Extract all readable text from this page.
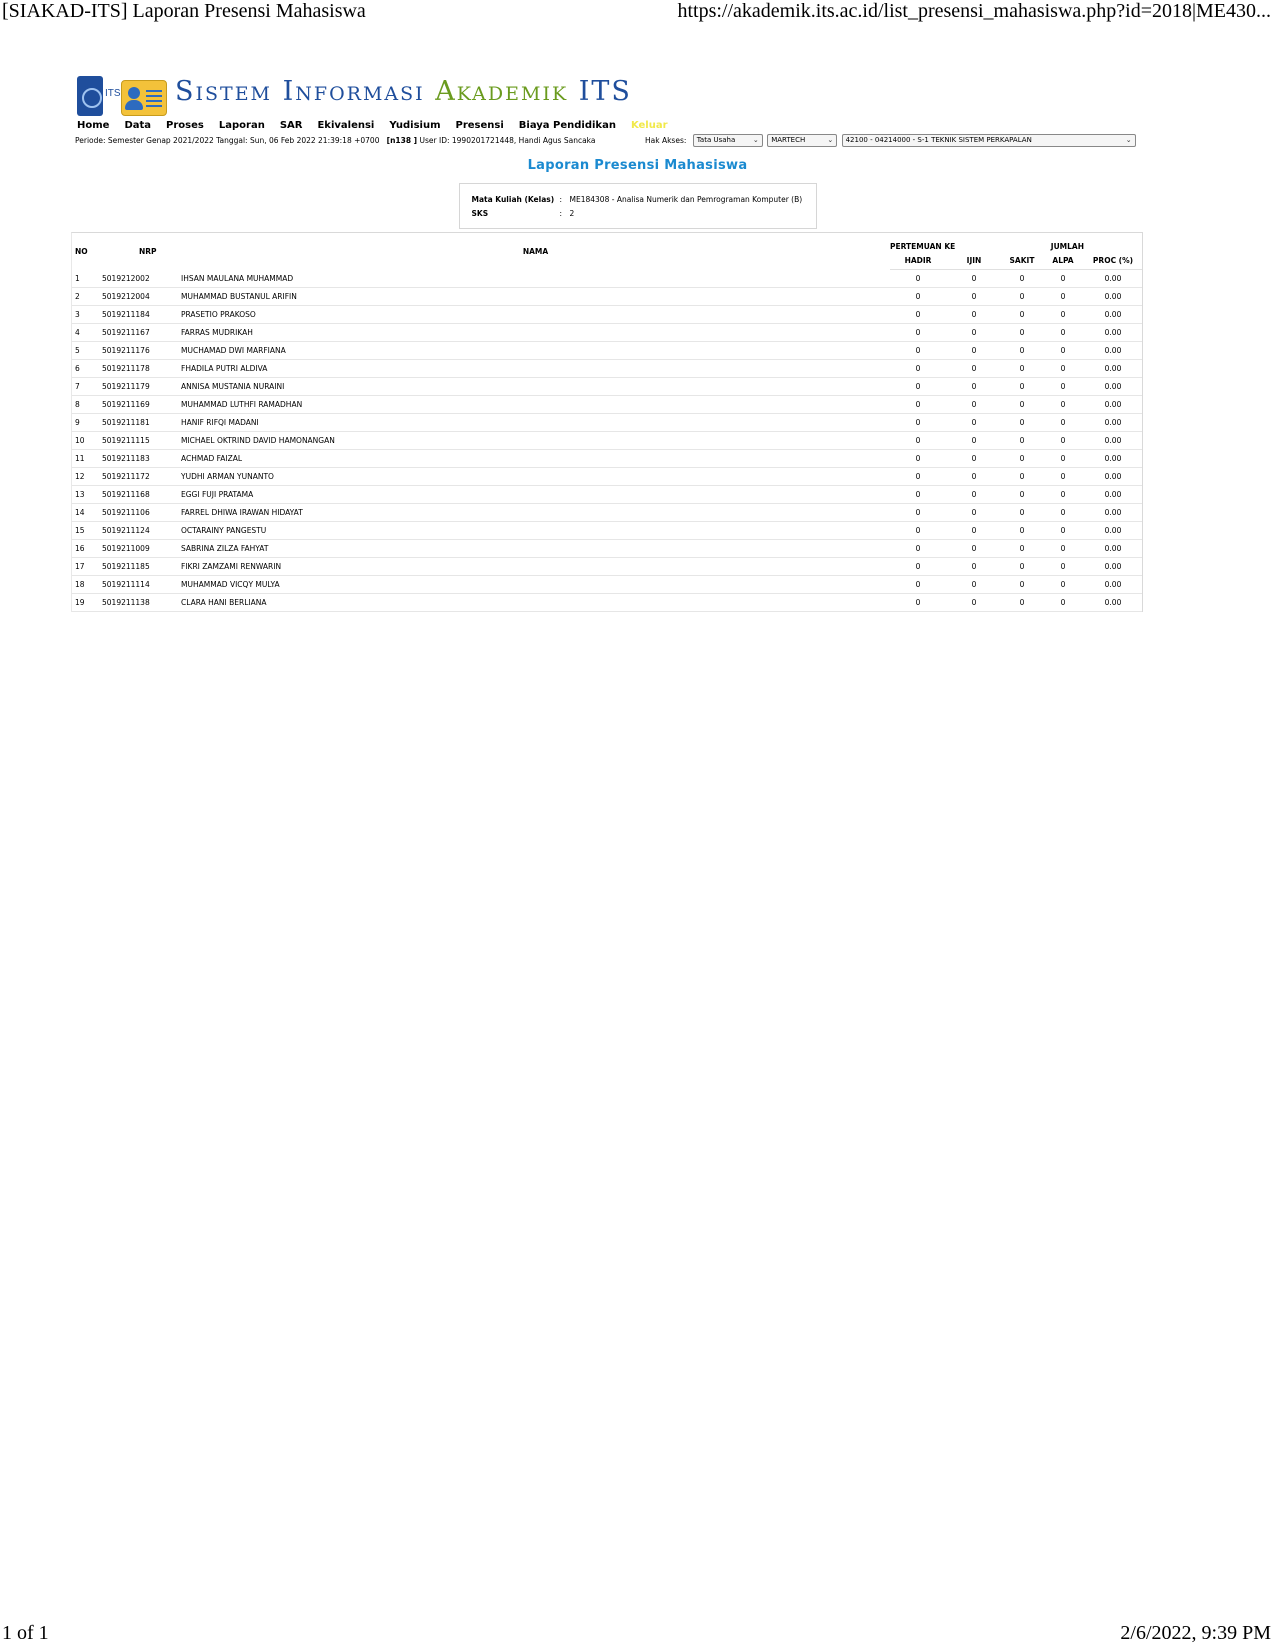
[SIAKAD-ITS] Laporan Presensi Mahasiswa	https://akademik.its.ac.id/list_presensi_mahasiswa.php?id=2018|ME430...
ITS Sistem Informasi Akademik ITS
Home Data Proses Laporan SAR Ekivalensi Yudisium Presensi Biaya Pendidikan Keluar
Periode: Semester Genap 2021/2022 Tanggal: Sun, 06 Feb 2022 21:39:18 +0700 [n138 ] User ID: 1990201721448, Handi Agus Sancaka	Hak Akses: Tata Usaha	⌄ MARTECH	⌄ 42100 - 04214000 - S-1 TEKNIK SISTEM PERKAPALAN	⌄
Laporan Presensi Mahasiswa
Mata Kuliah (Kelas) : ME184308 - Analisa Numerik dan Pemrograman Komputer (B)
SKS	: 2
NO	NRP	NAMA	PERTEMUAN KE		JUMLAH		
			HADIR	IJIN	SAKIT	ALPA	PROC (%)
1	5019212002	IHSAN MAULANA MUHAMMAD	0	0	0	0	0.00
2	5019212004	MUHAMMAD BUSTANUL ARIFIN	0	0	0	0	0.00
3	5019211184	PRASETIO PRAKOSO	0	0	0	0	0.00
4	5019211167	FARRAS MUDRIKAH	0	0	0	0	0.00
5	5019211176	MUCHAMAD DWI MARFIANA	0	0	0	0	0.00
6	5019211178	FHADILA PUTRI ALDIVA	0	0	0	0	0.00
7	5019211179	ANNISA MUSTANIA NURAINI	0	0	0	0	0.00
8	5019211169	MUHAMMAD LUTHFI RAMADHAN	0	0	0	0	0.00
9	5019211181	HANIF RIFQI MADANI	0	0	0	0	0.00
10	5019211115	MICHAEL OKTRIND DAVID HAMONANGAN	0	0	0	0	0.00
11	5019211183	ACHMAD FAIZAL	0	0	0	0	0.00
12	5019211172	YUDHI ARMAN YUNANTO	0	0	0	0	0.00
13	5019211168	EGGI FUJI PRATAMA	0	0	0	0	0.00
14	5019211106	FARREL DHIWA IRAWAN HIDAYAT	0	0	0	0	0.00
15	5019211124	OCTARAINY PANGESTU	0	0	0	0	0.00
16	5019211009	SABRINA ZILZA FAHYAT	0	0	0	0	0.00
17	5019211185	FIKRI ZAMZAMI RENWARIN	0	0	0	0	0.00
18	5019211114	MUHAMMAD VICQY MULYA	0	0	0	0	0.00
19	5019211138	CLARA HANI BERLIANA	0	0	0	0	0.00
1 of 1	2/6/2022, 9:39 PM
